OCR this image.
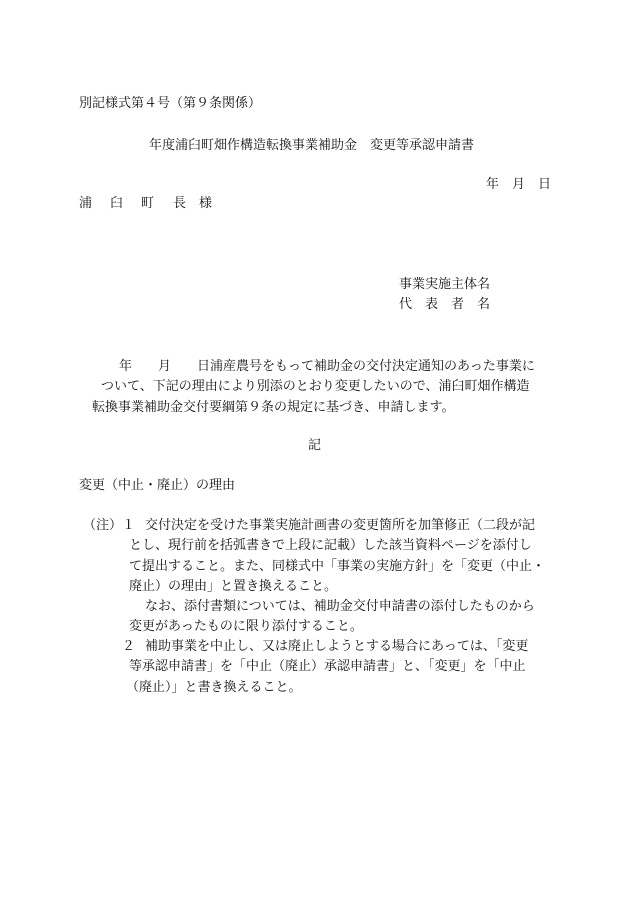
別記様式第４号（第９条関係）
年度浦臼町畑作構造転換事業補助金　変更等承認申請書
年　月　日
浦 臼 町 長 様
事業実施主体名
代　表　者　名
年　　月　　日浦産農号をもって補助金の交付決定通知のあった事業に
ついて、下記の理由により別添のとおり変更したいので、浦臼町畑作構造
転換事業補助金交付要綱第９条の規定に基づき、申請します。
記
変更（中止・廃止）の理由
（注） １ 交付決定を受けた事業実施計画書の変更箇所を加筆修正（二段が記
とし、現行前を括弧書きで上段に記載）した該当資料ページを添付し
て提出すること。また、同様式中「事業の実施方針」を「変更（中止・
廃止）の理由」と置き換えること。
なお、添付書類については、補助金交付申請書の添付したものから
変更があったものに限り添付すること。
２ 補助事業を中止し、又は廃止しようとする場合にあっては、「変更
等承認申請書」を「中止（廃止）承認申請書」と、「変更」を「中止
（廃止）」と書き換えること。
